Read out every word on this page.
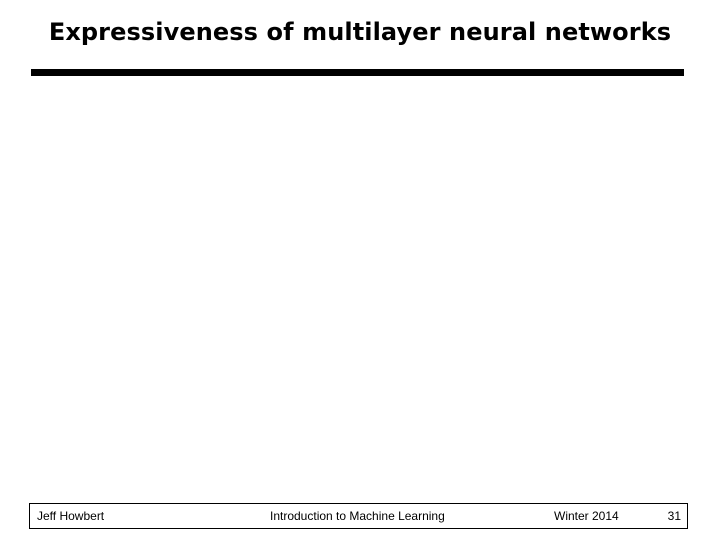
Expressiveness of multilayer neural networks
Jeff Howbert	Introduction to Machine Learning	Winter 2014	31
